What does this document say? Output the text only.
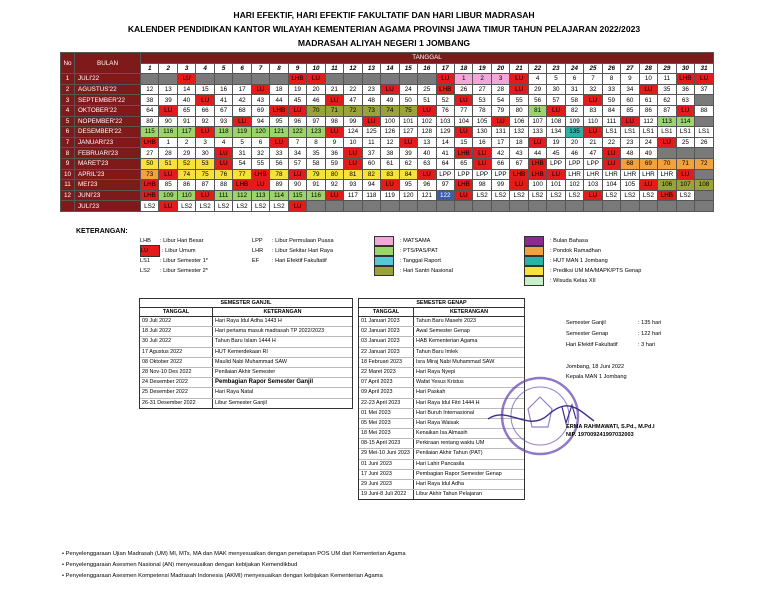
HARI EFEKTIF, HARI EFEKTIF FAKULTATIF DAN HARI LIBUR MADRASAH
KALENDER PENDIDIKAN KANTOR WILAYAH KEMENTERIAN AGAMA PROVINSI JAWA TIMUR TAHUN PELAJARAN 2022/2023
MADRASAH ALIYAH NEGERI 1 JOMBANG
No	BULAN	TANGGAL																														
		1	2	3	4	5	6	7	8	9	10	11	12	13	14	15	16	17	18	19	20	21	22	23	24	25	26	27	28	29	30	31
1	JULI'22			LU						LHB	LU							LU	1	2	3	LU	4	5	6	7	8	9	10	11	LHB	LU
2	AGUSTUS'22	12	13	14	15	16	17	LU	18	19	20	21	22	23	LU	24	25	LHB	26	27	28	LU	29	30	31	32	33	34	LU	35	36	37
3	SEPTEMBER'22	38	39	40	LU	41	42	43	44	45	46	LU	47	48	49	50	51	52	LU	53	54	55	56	57	58	LU	59	60	61	62	63	
4	OKTOBER'22	64	LU	65	66	67	68	69	LHB	LU	70	71	72	73	74	75	LU	76	77	78	79	80	81	LU	82	83	84	85	86	87	LU	88
5	NOPEMBER'22	89	90	91	92	93	LU	94	95	96	97	98	99	LU	100	101	102	103	104	105	LU	106	107	108	109	110	111	LU	112	113	114	
6	DESEMBER'22	115	116	117	LU	118	119	120	121	122	123	LU	124	125	126	127	128	129	LU	130	131	132	133	134	135	LU	LS1	LS1	LS1	LS1	LS1	LS1
7	JANUARI'23	LHB	1	2	3	4	5	6	LU	7	8	9	10	11	12	LU	13	14	15	16	17	18	LU	19	20	21	22	23	24	LU	25	26
8	FEBRUARI'23	27	28	29	30	LU	31	32	33	34	35	36	LU	37	38	39	40	41	LHB	LU	42	43	44	45	46	47	LU	48	49			
9	MARET'23	50	51	52	53	LU	54	55	56	57	58	59	LU	60	61	62	63	64	65	LU	66	67	LHB	LPP	LPP	LPP	LU	68	69	70	71	72
10	APRIL'23	73	LU	74	75	76	77	LHB	78	LU	79	80	81	82	83	84	LU	LPP	LPP	LPP	LPP	LHB	LHB	LU	LHR	LHR	LHR	LHR	LHR	LHR	LU	
11	MEI'23	LHB	85	86	87	88	LHB	LU	89	90	91	92	93	94	LU	95	96	97	LHB	98	99	LU	100	101	102	103	104	105	LU	106	107	108
12	JUNI'23	LHB	109	110	LU	111	112	113	114	115	116	LU	117	118	119	120	121	122	LU	LS2	LS2	LS2	LS2	LS2	LS2	LU	LS2	LS2	LS2	LHB	LS2	
	JULI'23	LS2	LU	LS2	LS2	LS2	LS2	LS2	LS2	LU																						
KETERANGAN:
LHB	: Libur Hari Besar
LU	: Libur Umum
LS1	: Libur Semester 1*
LS2	: Libur Semester 2*
LPP	: Libur Permulaan Puasa
LHR	: Libur Sekitar Hari Raya
EF	: Hari Efektif Fakultatif
: MATSAMA
: PTS/PAS/PAT
: Tanggal Raport
: Hari Santri Nasional
: Bulan Bahasa
: Pondok Ramadhan
: HUT MAN 1 Jombang
: Prediksi UM MA/MAPK/PTS Genap
: Wisuda Kelas XII
SEMESTER GANJIL
TANGGAL	KETERANGAN
09 Juli 2022	Hari Raya Idul Adha 1443 H
18 Juli 2022	Hari pertama masuk madrasah TP 2022/2023
30 Juli 2022	Tahun Baru Islam 1444 H
17 Agustus 2022	HUT Kemerdekaan RI
08 Oktober 2022	Maulid Nabi Muhammad SAW
28 Nov-10 Des 2022	Penilaian Akhir Semester
24 Desember 2022	Pembagian Rapor Semester Ganjil
25 Desember 2022	Hari Raya Natal
26-31 Desember 2022	Libur Semester Ganjil
SEMESTER GENAP
TANGGAL	KETERANGAN
01 Januari 2023	Tahun Baru Masehi 2023
02 Januari 2023	Awal Semester Genap
03 Januari 2023	HAB Kementerian Agama
22 Januari 2023	Tahun Baru Imlek
18 Februari 2023	Isra Miraj Nabi Muhammad SAW
22 Maret 2023	Hari Raya Nyepi
07 April 2023	Wafat Yesus Kristus
09 April 2023	Hari Paskah
22-23 April 2023	Hari Raya Idul Fitri 1444 H
01 Mei 2023	Hari Buruh Internasional
05 Mei 2023	Hari Raya Waisak
18 Mei 2023	Kenaikan Isa Almasih
08-15 April 2023	Perkiraan rentang waktu UM
29 Mei-10 Juni 2023	Penilaian Akhir Tahun (PAT)
01 Juni 2023	Hari Lahir Pancasila
17 Juni 2023	Pembagian Rapor Semester Genap
29 Juni 2023	Hari Raya Idul Adha
19 Juni-8 Juli 2022	Libur Akhir Tahun Pelajaran
Semester Ganjil	: 135 hari
Semester Genap	: 122 hari
Hari Efektif Fakultatif	: 3 hari
Jombang, 18 Juni 2022
Kepala MAN 1 Jombang
ERMA RAHMAWATI, S.Pd., M.Pd.I
NIP. 197009241997032003
• Penyelenggaraan Ujian Madrasah (UM) MI, MTs, MA dan MAK menyesuaikan dengan penetapan POS UM dari Kementerian Agama
• Penyelenggaraan Asesmen Nasional (AN) menyesuaikan dengan kebijakan Kemendikbud
• Penyelenggaraan Asesmen Kompetensi Madrasah Indonesia (AKMI) menyesuaikan dengan kebijakan Kementerian Agama
